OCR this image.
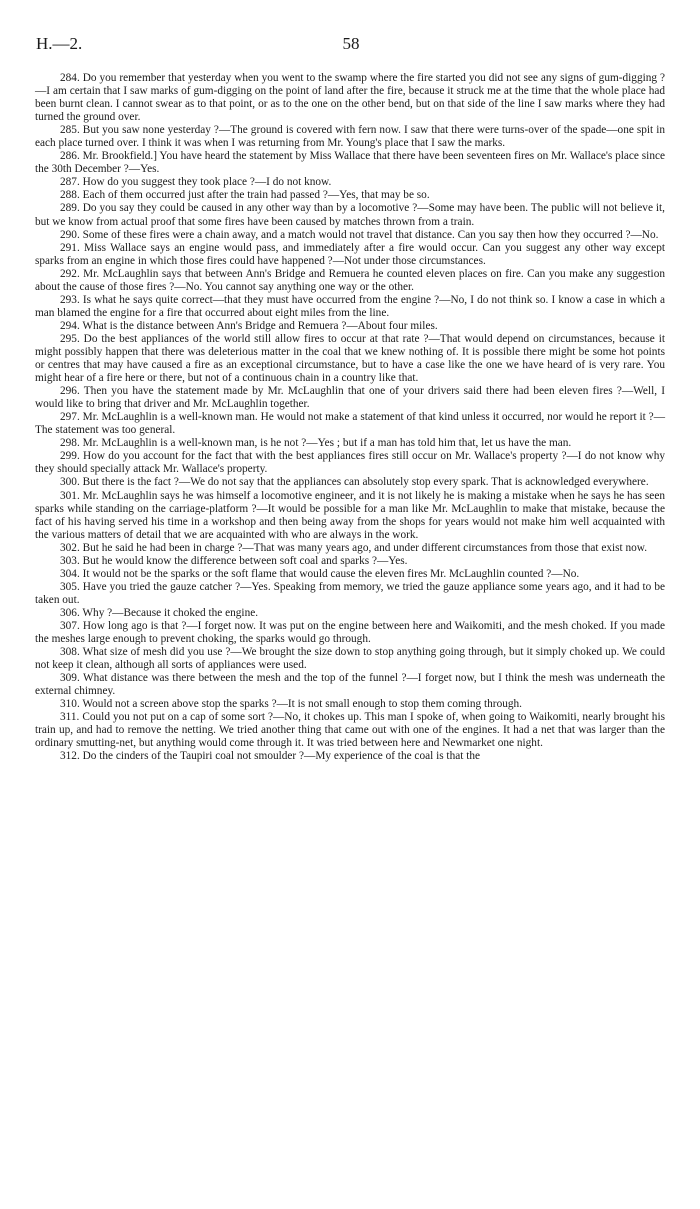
H.—2.	58

284. Do you remember that yesterday when you went to the swamp where the fire started you did not see any signs of gum-digging ?—I am certain that I saw marks of gum-digging on the point of land after the fire, because it struck me at the time that the whole place had been burnt clean. I cannot swear as to that point, or as to the one on the other bend, but on that side of the line I saw marks where they had turned the ground over.

285. But you saw none yesterday ?—The ground is covered with fern now. I saw that there were turns-over of the spade—one spit in each place turned over. I think it was when I was returning from Mr. Young's place that I saw the marks.

286. Mr. Brookfield.] You have heard the statement by Miss Wallace that there have been seventeen fires on Mr. Wallace's place since the 30th December ?—Yes.

287. How do you suggest they took place ?—I do not know.

288. Each of them occurred just after the train had passed ?—Yes, that may be so.

289. Do you say they could be caused in any other way than by a locomotive ?—Some may have been. The public will not believe it, but we know from actual proof that some fires have been caused by matches thrown from a train.

290. Some of these fires were a chain away, and a match would not travel that distance. Can you say then how they occurred ?—No.

291. Miss Wallace says an engine would pass, and immediately after a fire would occur. Can you suggest any other way except sparks from an engine in which those fires could have happened ?—Not under those circumstances.

292. Mr. McLaughlin says that between Ann's Bridge and Remuera he counted eleven places on fire. Can you make any suggestion about the cause of those fires ?—No. You cannot say anything one way or the other.

293. Is what he says quite correct—that they must have occurred from the engine ?—No, I do not think so. I know a case in which a man blamed the engine for a fire that occurred about eight miles from the line.

294. What is the distance between Ann's Bridge and Remuera ?—About four miles.

295. Do the best appliances of the world still allow fires to occur at that rate ?—That would depend on circumstances, because it might possibly happen that there was deleterious matter in the coal that we knew nothing of. It is possible there might be some hot points or centres that may have caused a fire as an exceptional circumstance, but to have a case like the one we have heard of is very rare. You might hear of a fire here or there, but not of a continuous chain in a country like that.

296. Then you have the statement made by Mr. McLaughlin that one of your drivers said there had been eleven fires ?—Well, I would like to bring that driver and Mr. McLaughlin together.

297. Mr. McLaughlin is a well-known man. He would not make a statement of that kind unless it occurred, nor would he report it ?—The statement was too general.

298. Mr. McLaughlin is a well-known man, is he not ?—Yes ; but if a man has told him that, let us have the man.

299. How do you account for the fact that with the best appliances fires still occur on Mr. Wallace's property ?—I do not know why they should specially attack Mr. Wallace's property.

300. But there is the fact ?—We do not say that the appliances can absolutely stop every spark. That is acknowledged everywhere.

301. Mr. McLaughlin says he was himself a locomotive engineer, and it is not likely he is making a mistake when he says he has seen sparks while standing on the carriage-platform ?—It would be possible for a man like Mr. McLaughlin to make that mistake, because the fact of his having served his time in a workshop and then being away from the shops for years would not make him well acquainted with the various matters of detail that we are acquainted with who are always in the work.

302. But he said he had been in charge ?—That was many years ago, and under different circumstances from those that exist now.

303. But he would know the difference between soft coal and sparks ?—Yes.

304. It would not be the sparks or the soft flame that would cause the eleven fires Mr. McLaughlin counted ?—No.

305. Have you tried the gauze catcher ?—Yes. Speaking from memory, we tried the gauze appliance some years ago, and it had to be taken out.

306. Why ?—Because it choked the engine.

307. How long ago is that ?—I forget now. It was put on the engine between here and Waikomiti, and the mesh choked. If you made the meshes large enough to prevent choking, the sparks would go through.

308. What size of mesh did you use ?—We brought the size down to stop anything going through, but it simply choked up. We could not keep it clean, although all sorts of appliances were used.

309. What distance was there between the mesh and the top of the funnel ?—I forget now, but I think the mesh was underneath the external chimney.

310. Would not a screen above stop the sparks ?—It is not small enough to stop them coming through.

311. Could you not put on a cap of some sort ?—No, it chokes up. This man I spoke of, when going to Waikomiti, nearly brought his train up, and had to remove the netting. We tried another thing that came out with one of the engines. It had a net that was larger than the ordinary smutting-net, but anything would come through it. It was tried between here and Newmarket one night.

312. Do the cinders of the Taupiri coal not smoulder ?—My experience of the coal is that the
